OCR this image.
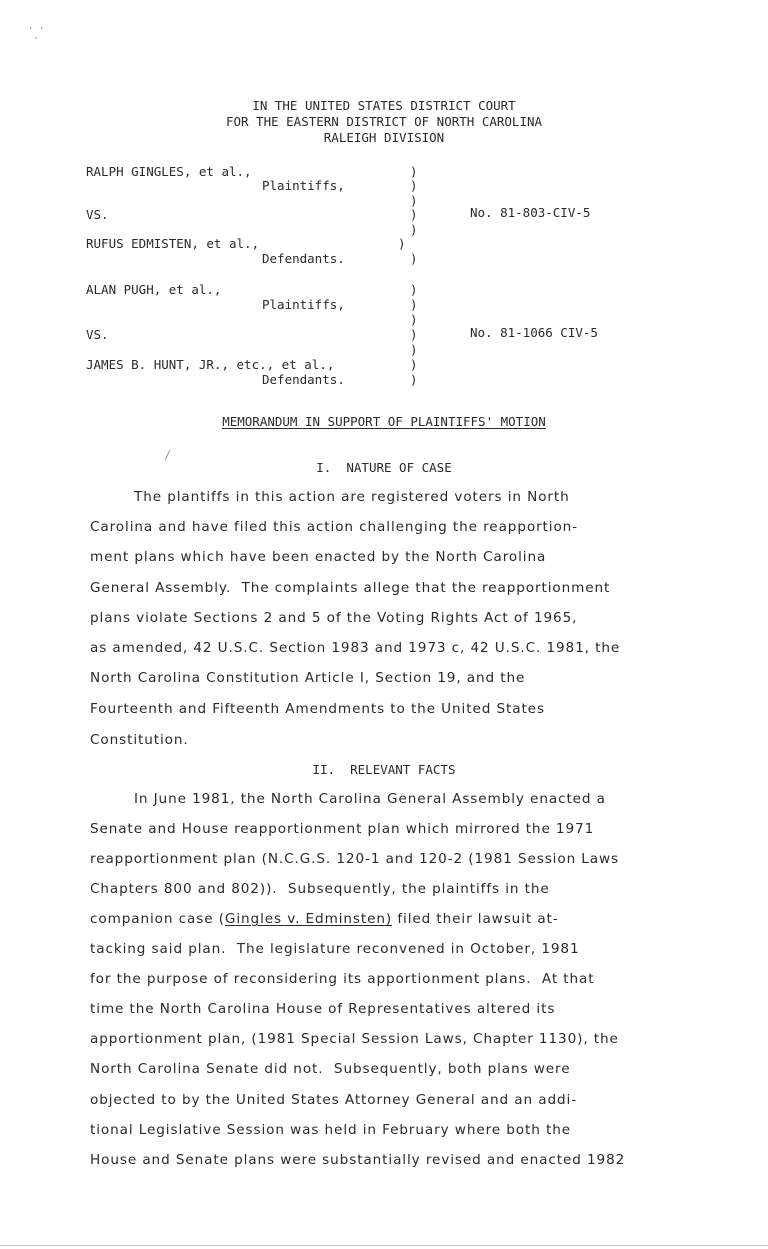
· ·
·
/
IN THE UNITED STATES DISTRICT COURT
FOR THE EASTERN DISTRICT OF NORTH CAROLINA
RALEIGH DIVISION
RALPH GINGLES, et al.,
Plaintiffs,
VS.
RUFUS EDMISTEN, et al.,
Defendants.
No. 81-803-CIV-5
)
)
)
)
)
)
)
ALAN PUGH, et al.,
Plaintiffs,
VS.
JAMES B. HUNT, JR., etc., et al.,
Defendants.
No. 81-1066 CIV-5
)
)
)
)
)
)
)
MEMORANDUM IN SUPPORT OF PLAINTIFFS' MOTION
I.  NATURE OF CASE
The plantiffs in this action are registered voters in North
Carolina and have filed this action challenging the reapportion-
ment plans which have been enacted by the North Carolina
General Assembly.  The complaints allege that the reapportionment
plans violate Sections 2 and 5 of the Voting Rights Act of 1965,
as amended, 42 U.S.C. Section 1983 and 1973 c, 42 U.S.C. 1981, the
North Carolina Constitution Article I, Section 19, and the
Fourteenth and Fifteenth Amendments to the United States
Constitution.
II.  RELEVANT FACTS
In June 1981, the North Carolina General Assembly enacted a
Senate and House reapportionment plan which mirrored the 1971
reapportionment plan (N.C.G.S. 120-1 and 120-2 (1981 Session Laws
Chapters 800 and 802)).  Subsequently, the plaintiffs in the
companion case (Gingles v. Edminsten) filed their lawsuit at-
tacking said plan.  The legislature reconvened in October, 1981
for the purpose of reconsidering its apportionment plans.  At that
time the North Carolina House of Representatives altered its
apportionment plan, (1981 Special Session Laws, Chapter 1130), the
North Carolina Senate did not.  Subsequently, both plans were
objected to by the United States Attorney General and an addi-
tional Legislative Session was held in February where both the
House and Senate plans were substantially revised and enacted 1982
